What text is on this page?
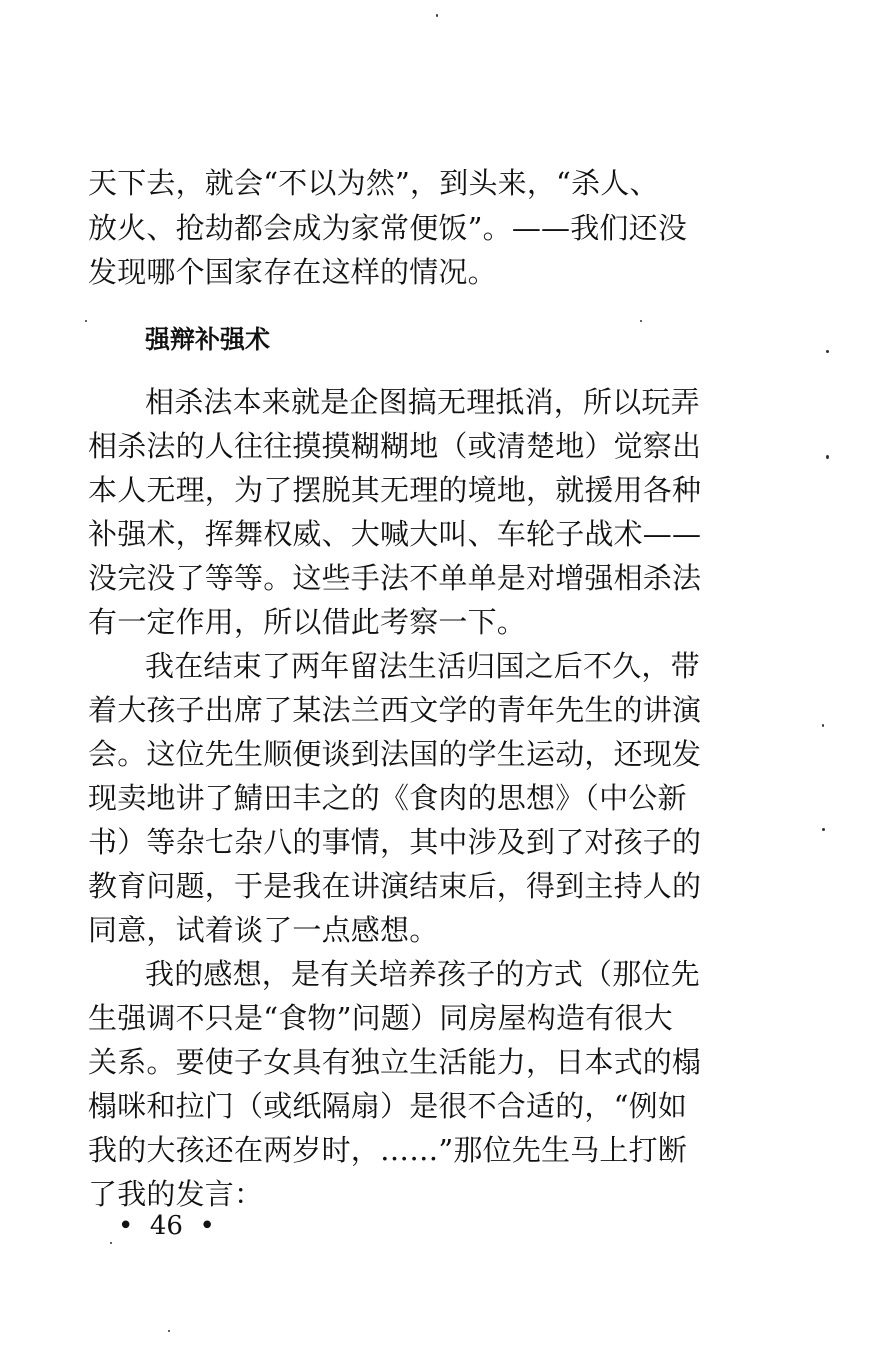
天下去，就会“不以为然”，到头来，“杀人、
放火、抢劫都会成为家常便饭”。——我们还没
发现哪个国家存在这样的情况。
强辩补强术
相杀法本来就是企图搞无理抵消，所以玩弄
相杀法的人往往摸摸糊糊地（或清楚地）觉察出
本人无理，为了摆脱其无理的境地，就援用各种
补强术，挥舞权威、大喊大叫、车轮子战术——
没完没了等等。这些手法不单单是对增强相杀法
有一定作用，所以借此考察一下。
我在结束了两年留法生活归国之后不久，带
着大孩子出席了某法兰西文学的青年先生的讲演
会。这位先生顺便谈到法国的学生运动，还现发
现卖地讲了鯖田丰之的《食肉的思想》（中公新
书）等杂七杂八的事情，其中涉及到了对孩子的
教育问题，于是我在讲演结束后，得到主持人的
同意，试着谈了一点感想。
我的感想，是有关培养孩子的方式（那位先
生强调不只是“食物”问题）同房屋构造有很大
关系。要使子女具有独立生活能力，日本式的榻
榻咪和拉门（或纸隔扇）是很不合适的，“例如
我的大孩还在两岁时，……”那位先生马上打断
了我的发言：
•  46  •
